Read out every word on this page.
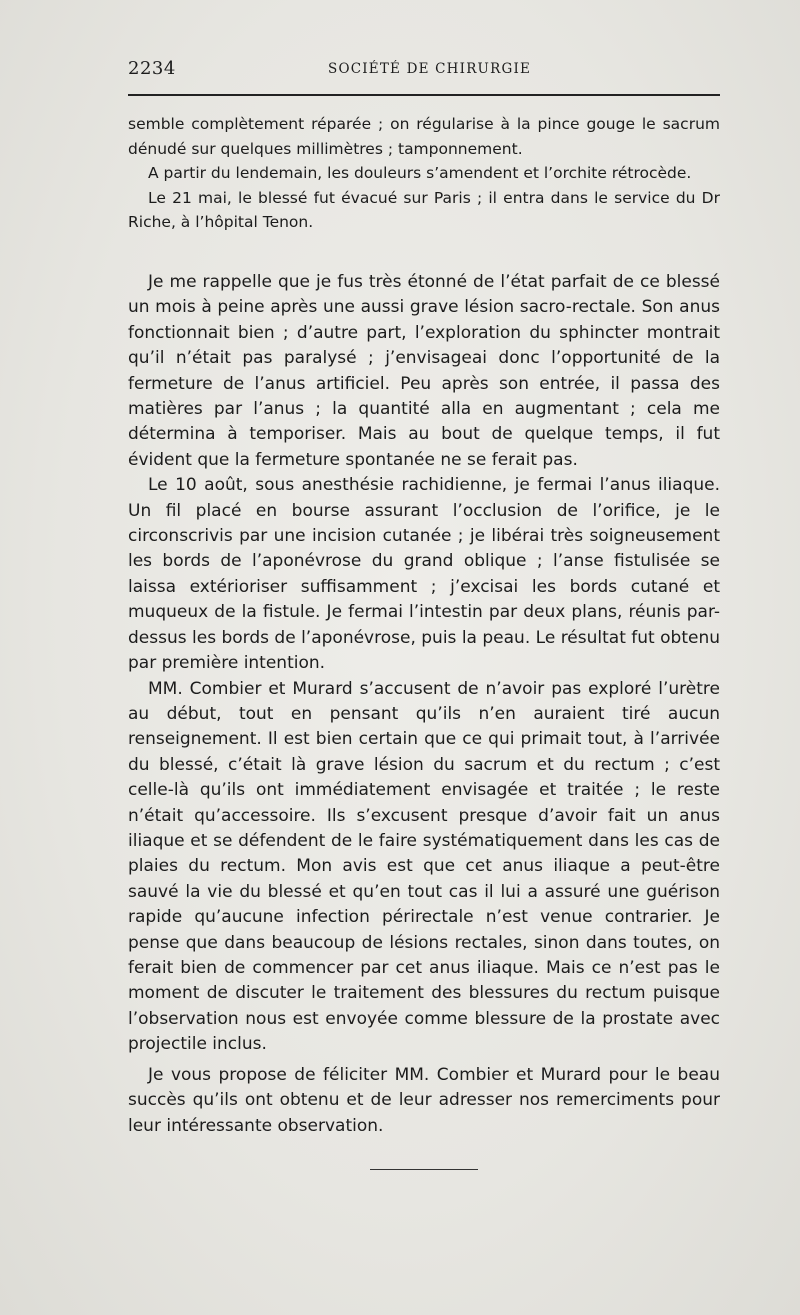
2234	SOCIÉTÉ DE CHIRURGIE

semble complètement réparée ; on régularise à la pince gouge le sacrum dénudé sur quelques millimètres ; tamponnement.

A partir du lendemain, les douleurs s’amendent et l’orchite rétrocède.

Le 21 mai, le blessé fut évacué sur Paris ; il entra dans le service du Dr Riche, à l’hôpital Tenon.

Je me rappelle que je fus très étonné de l’état parfait de ce blessé un mois à peine après une aussi grave lésion sacro-rectale. Son anus fonctionnait bien ; d’autre part, l’exploration du sphincter montrait qu’il n’était pas paralysé ; j’envisageai donc l’opportunité de la fermeture de l’anus artificiel. Peu après son entrée, il passa des matières par l’anus ; la quantité alla en augmentant ; cela me détermina à temporiser. Mais au bout de quelque temps, il fut évident que la fermeture spontanée ne se ferait pas.

Le 10 août, sous anesthésie rachidienne, je fermai l’anus iliaque. Un fil placé en bourse assurant l’occlusion de l’orifice, je le circonscrivis par une incision cutanée ; je libérai très soigneusement les bords de l’aponévrose du grand oblique ; l’anse fistulisée se laissa extérioriser suffisamment ; j’excisai les bords cutané et muqueux de la fistule. Je fermai l’intestin par deux plans, réunis par-dessus les bords de l’aponévrose, puis la peau. Le résultat fut obtenu par première intention.

MM. Combier et Murard s’accusent de n’avoir pas exploré l’urètre au début, tout en pensant qu’ils n’en auraient tiré aucun renseignement. Il est bien certain que ce qui primait tout, à l’arrivée du blessé, c’était là grave lésion du sacrum et du rectum ; c’est celle-là qu’ils ont immédiatement envisagée et traitée ; le reste n’était qu’accessoire. Ils s’excusent presque d’avoir fait un anus iliaque et se défendent de le faire systématiquement dans les cas de plaies du rectum. Mon avis est que cet anus iliaque a peut-être sauvé la vie du blessé et qu’en tout cas il lui a assuré une guérison rapide qu’aucune infection périrectale n’est venue contrarier. Je pense que dans beaucoup de lésions rectales, sinon dans toutes, on ferait bien de commencer par cet anus iliaque. Mais ce n’est pas le moment de discuter le traitement des blessures du rectum puisque l’observation nous est envoyée comme blessure de la prostate avec projectile inclus.

Je vous propose de féliciter MM. Combier et Murard pour le beau succès qu’ils ont obtenu et de leur adresser nos remerciments pour leur intéressante observation.
